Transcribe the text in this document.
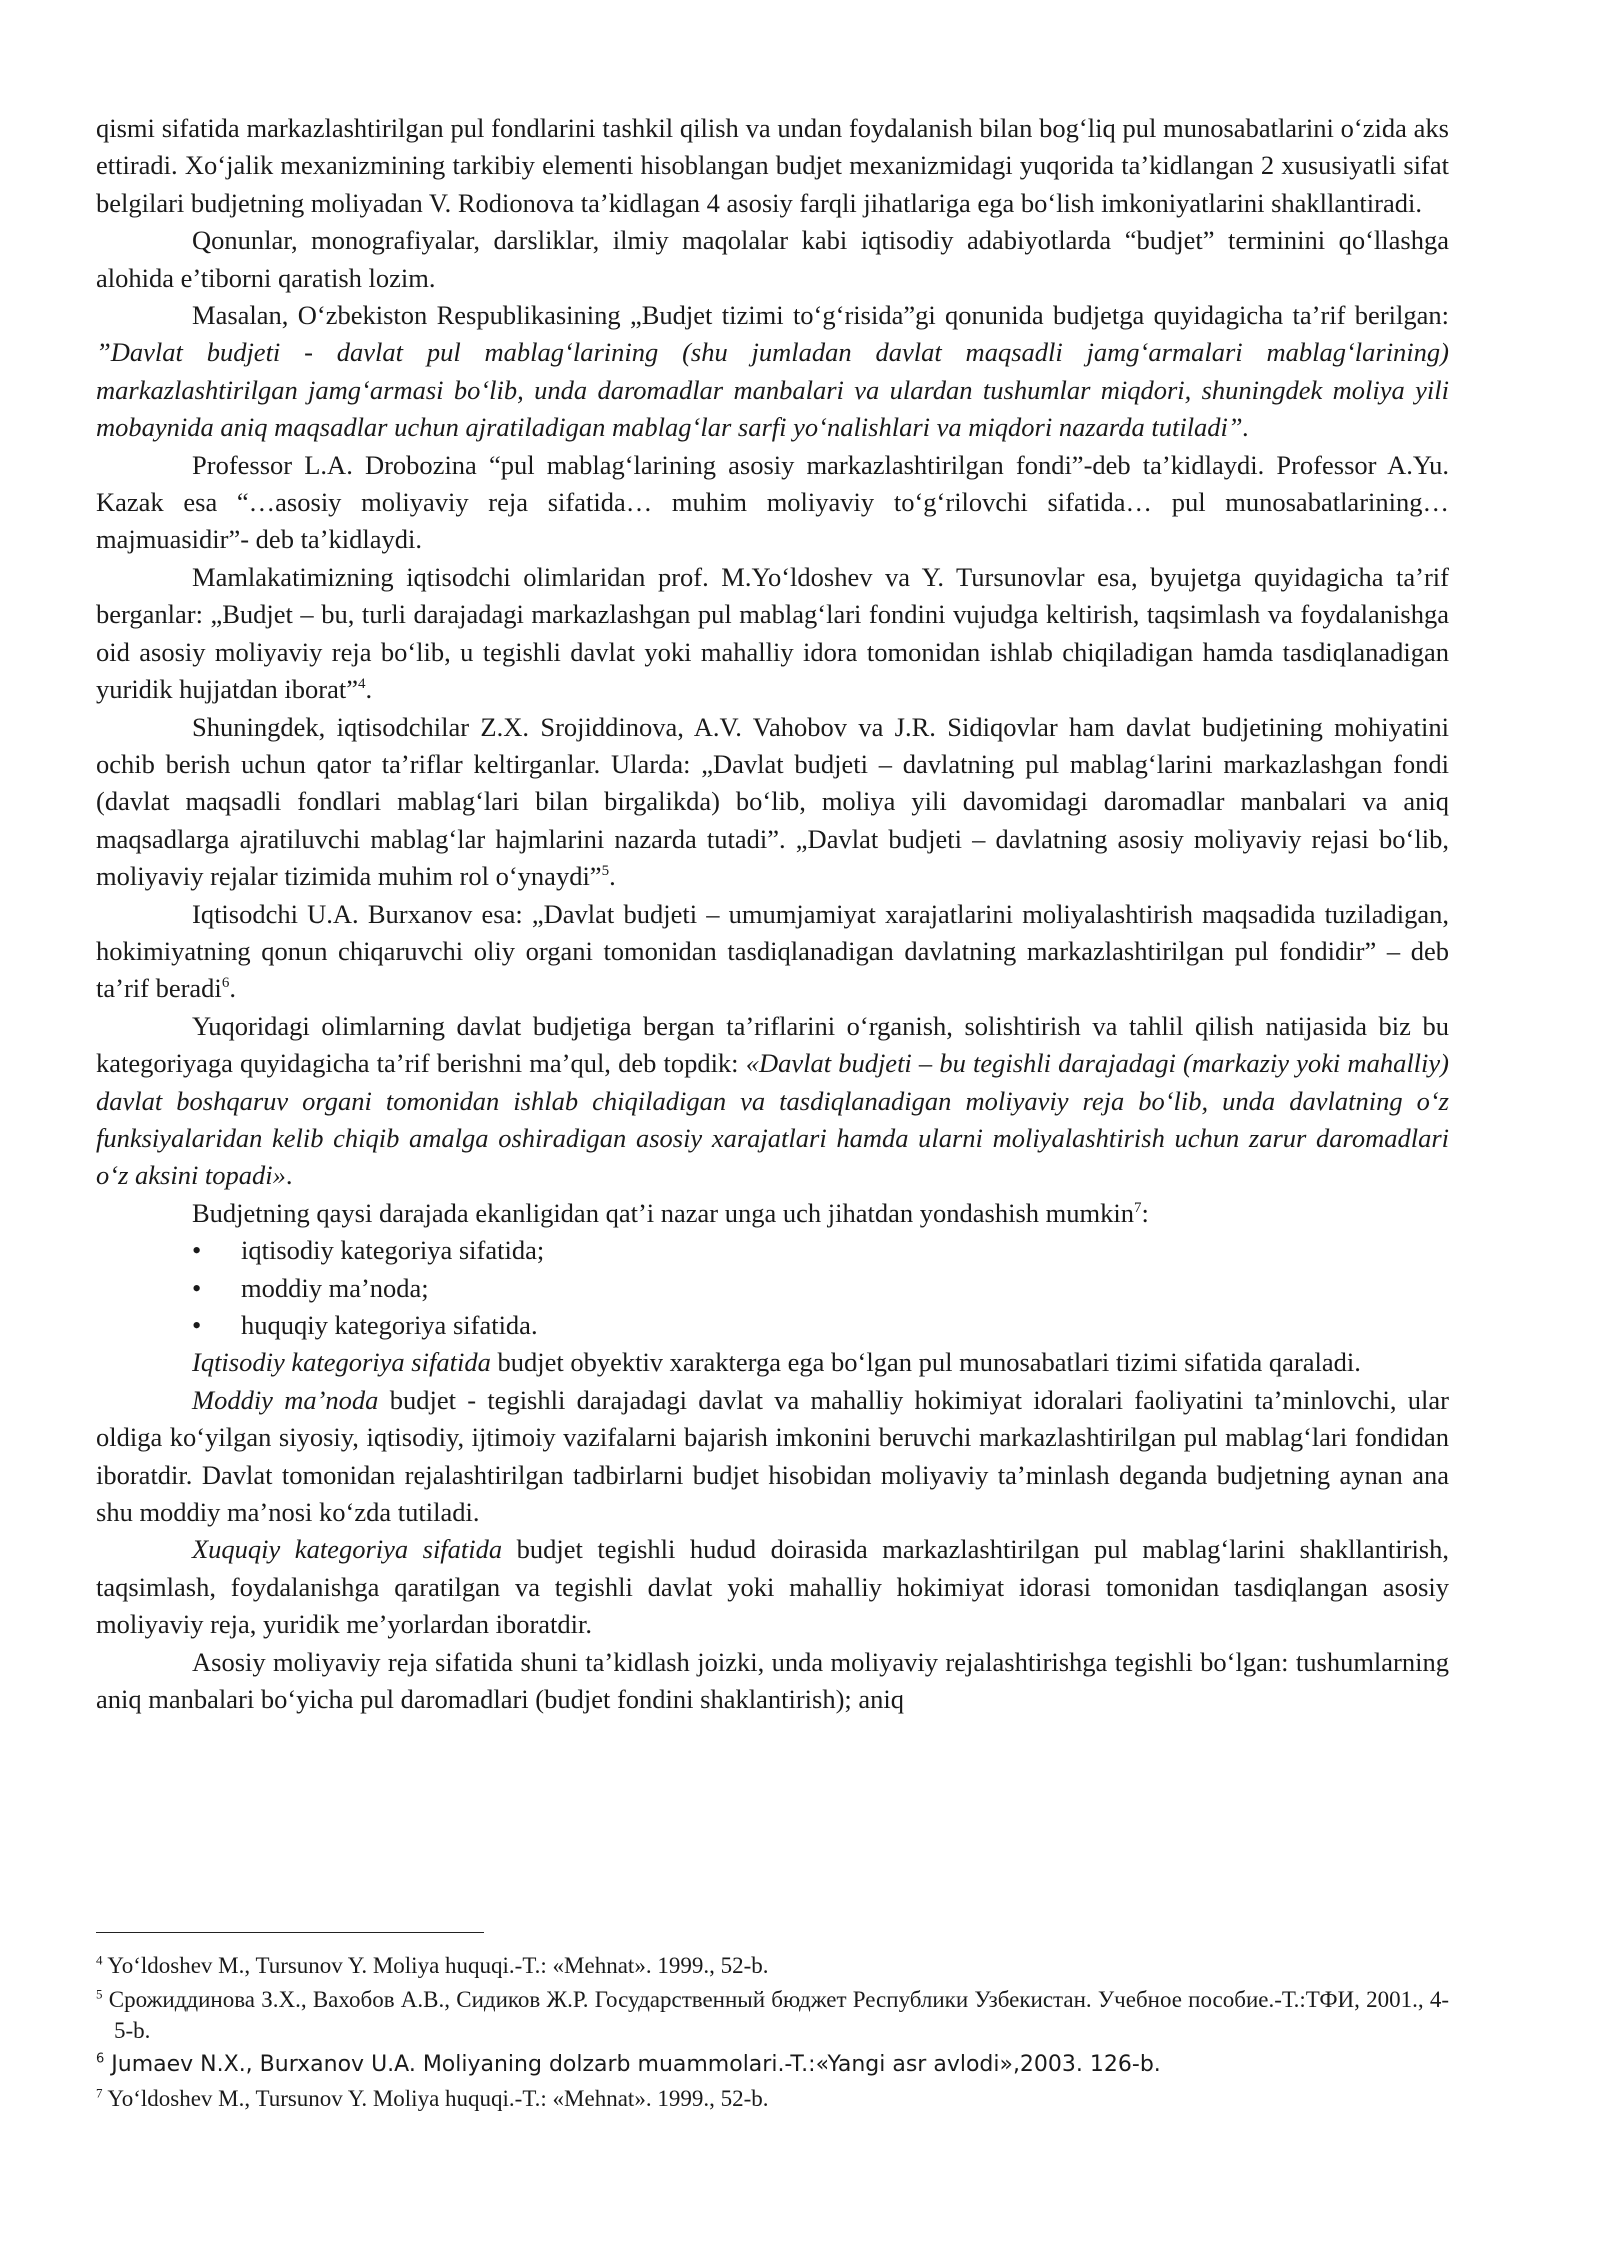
qismi sifatida markazlashtirilgan pul fondlarini tashkil qilish va undan foydalanish bilan bog‘liq pul munosabatlarini o‘zida aks ettiradi. Xo‘jalik mexanizmining tarkibiy elementi hisoblangan budjet mexanizmidagi yuqorida ta’kidlangan 2 xususiyatli sifat belgilari budjetning moliyadan V. Rodionova ta’kidlagan 4 asosiy farqli jihatlariga ega bo‘lish imkoniyatlarini shakllantiradi.

Qonunlar, monografiyalar, darsliklar, ilmiy maqolalar kabi iqtisodiy adabiyotlarda “budjet” terminini qo‘llashga alohida e’tiborni qaratish lozim.

Masalan, O‘zbekiston Respublikasining „Budjet tizimi to‘g‘risida”gi qonunida budjetga quyidagicha ta’rif berilgan: ”Davlat budjeti - davlat pul mablag‘larining (shu jumladan davlat maqsadli jamg‘armalari mablag‘larining) markazlashtirilgan jamg‘armasi bo‘lib, unda daromadlar manbalari va ulardan tushumlar miqdori, shuningdek moliya yili mobaynida aniq maqsadlar uchun ajratiladigan mablag‘lar sarfi yo‘nalishlari va miqdori nazarda tutiladi”.

Professor L.A. Drobozina “pul mablag‘larining asosiy markazlashtirilgan fondi”-deb ta’kidlaydi. Professor A.Yu. Kazak esa “…asosiy moliyaviy reja sifatida… muhim moliyaviy to‘g‘rilovchi sifatida… pul munosabatlarining… majmuasidir”- deb ta’kidlaydi.

Mamlakatimizning iqtisodchi olimlaridan prof. M.Yo‘ldoshev va Y. Tursunovlar esa, byujetga quyidagicha ta’rif berganlar: „Budjet – bu, turli darajadagi markazlashgan pul mablag‘lari fondini vujudga keltirish, taqsimlash va foydalanishga oid asosiy moliyaviy reja bo‘lib, u tegishli davlat yoki mahalliy idora tomonidan ishlab chiqiladigan hamda tasdiqlanadigan yuridik hujjatdan iborat”$^4$.

Shuningdek, iqtisodchilar Z.X. Srojiddinova, A.V. Vahobov va J.R. Sidiqovlar ham davlat budjetining mohiyatini ochib berish uchun qator ta’riflar keltirganlar. Ularda: „Davlat budjeti – davlatning pul mablag‘larini markazlashgan fondi (davlat maqsadli fondlari mablag‘lari bilan birgalikda) bo‘lib, moliya yili davomidagi daromadlar manbalari va aniq maqsadlarga ajratiluvchi mablag‘lar hajmlarini nazarda tutadi”. „Davlat budjeti – davlatning asosiy moliyaviy rejasi bo‘lib, moliyaviy rejalar tizimida muhim rol o‘ynaydi”$^5$.

Iqtisodchi U.A. Burxanov esa: „Davlat budjeti – umumjamiyat xarajatlarini moliyalashtirish maqsadida tuziladigan, hokimiyatning qonun chiqaruvchi oliy organi tomonidan tasdiqlanadigan davlatning markazlashtirilgan pul fondidir” – deb ta’rif beradi$^6$.

Yuqoridagi olimlarning davlat budjetiga bergan ta’riflarini o‘rganish, solishtirish va tahlil qilish natijasida biz bu kategoriyaga quyidagicha ta’rif berishni ma’qul, deb topdik: «Davlat budjeti – bu tegishli darajadagi (markaziy yoki mahalliy) davlat boshqaruv organi tomonidan ishlab chiqiladigan va tasdiqlanadigan moliyaviy reja bo‘lib, unda davlatning o‘z funksiyalaridan kelib chiqib amalga oshiradigan asosiy xarajatlari hamda ularni moliyalashtirish uchun zarur daromadlari o‘z aksini topadi».

Budjetning qaysi darajada ekanligidan qat’i nazar unga uch jihatdan yondashish mumkin$^7$:

• iqtisodiy kategoriya sifatida;
• moddiy ma’noda;
• huquqiy kategoriya sifatida.

Iqtisodiy kategoriya sifatida budjet obyektiv xarakterga ega bo‘lgan pul munosabatlari tizimi sifatida qaraladi.

Moddiy ma’noda budjet - tegishli darajadagi davlat va mahalliy hokimiyat idoralari faoliyatini ta’minlovchi, ular oldiga ko‘yilgan siyosiy, iqtisodiy, ijtimoiy vazifalarni bajarish imkonini beruvchi markazlashtirilgan pul mablag‘lari fondidan iboratdir. Davlat tomonidan rejalashtirilgan tadbirlarni budjet hisobidan moliyaviy ta’minlash deganda budjetning aynan ana shu moddiy ma’nosi ko‘zda tutiladi.

Xuquqiy kategoriya sifatida budjet tegishli hudud doirasida markazlashtirilgan pul mablag‘larini shakllantirish, taqsimlash, foydalanishga qaratilgan va tegishli davlat yoki mahalliy hokimiyat idorasi tomonidan tasdiqlangan asosiy moliyaviy reja, yuridik me’yorlardan iboratdir.

Asosiy moliyaviy reja sifatida shuni ta’kidlash joizki, unda moliyaviy rejalashtirishga tegishli bo‘lgan: tushumlarning aniq manbalari bo‘yicha pul daromadlari (budjet fondini shaklantirish); aniq

$^4$ Yo‘ldoshev M., Tursunov Y. Moliya huquqi.-T.: «Mehnat». 1999., 52-b.

$^5$ Срожиддинова З.Х., Вахобов А.В., Сидиков Ж.Р. Государственный бюджет Республики Узбекистан. Учебное пособие.-Т.:ТФИ, 2001., 4-5-b.

$^6$ Jumaev N.X., Burxanov U.A. Moliyaning dolzarb muammolari.-T.:«Yangi asr avlodi»,2003. 126-b.

$^7$ Yo‘ldoshev M., Tursunov Y. Moliya huquqi.-T.: «Mehnat». 1999., 52-b.
